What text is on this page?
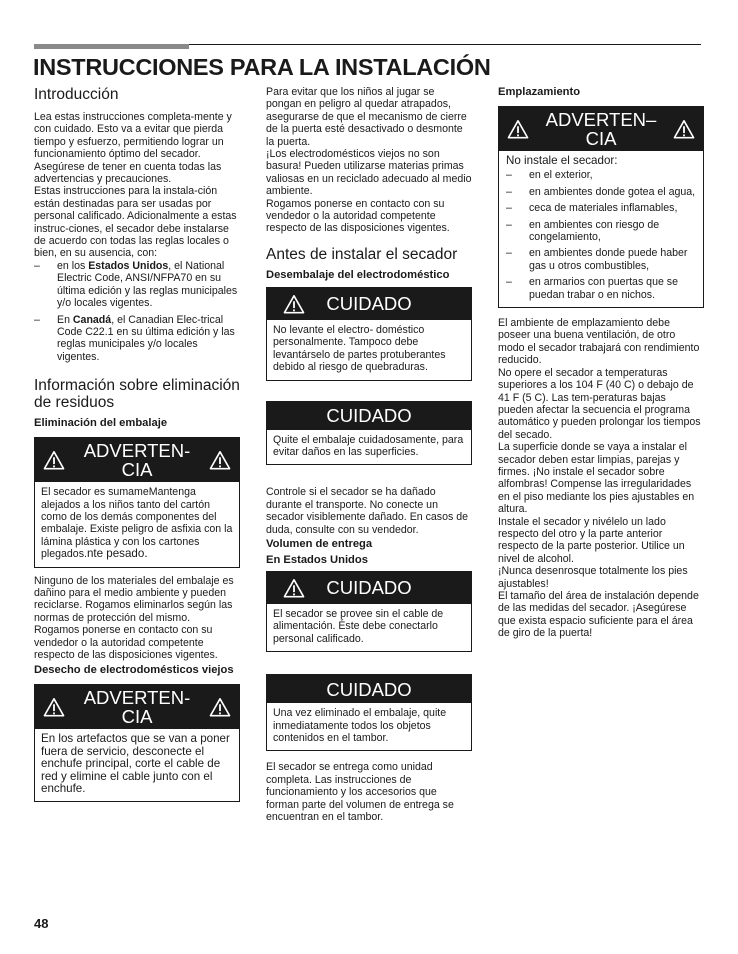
INSTRUCCIONES PARA LA INSTALACIÓN
Introducción

Lea estas instrucciones completa-mente y con cuidado. Esto va a evitar que pierda tiempo y esfuerzo, permitiendo lograr un funcionamiento óptimo del secador. Asegúrese de tener en cuenta todas las advertencias y precauciones.

Estas instrucciones para la instala-ción están destinadas para ser usadas por personal calificado. Adicionalmente a estas instruc-ciones, el secador debe instalarse de acuerdo con todas las reglas locales o bien, en su ausencia, con:

– en los Estados Unidos, el National Electric Code, ANSI/NFPA70 en su última edición y las reglas municipales y/o locales vigentes.
– En Canadá, el Canadian Elec-trical Code C22.1 en su última edición y las reglas municipales y/o locales vigentes.
Información sobre eliminación de residuos
Eliminación del embalaje
ADVERTEN-CIA

El secador es sumameMantenga alejados a los niños tanto del cartón como de los demás componentes del embalaje. Existe peligro de asfixia con la lámina plástica y con los cartones plegados.nte pesado.

Ninguno de los materiales del embalaje es dañino para el medio ambiente y pueden reciclarse. Rogamos eliminarlos según las normas de protección del mismo.

Rogamos ponerse en contacto con su vendedor o la autoridad competente respecto de las disposiciones vigentes.

Desecho de electrodomésticos viejos
ADVERTEN-CIA

En los artefactos que se van a poner fuera de servicio, desconecte el enchufe principal, corte el cable de red y elimine el cable junto con el enchufe.

Para evitar que los niños al jugar se pongan en peligro al quedar atrapados, asegurarse de que el mecanismo de cierre de la puerta esté desactivado o desmonte la puerta.

¡Los electrodomésticos viejos no son basura! Pueden utilizarse materias primas valiosas en un reciclado adecuado al medio ambiente.

Rogamos ponerse en contacto con su vendedor o la autoridad competente respecto de las disposiciones vigentes.

Antes de instalar el secador
Desembalaje del electrodoméstico
CUIDADO

No levante el electro- doméstico personalmente. Tampoco debe levantárselo de partes protuberantes debido al riesgo de quebraduras.

CUIDADO

Quite el embalaje cuidadosamente, para evitar daños en las superficies.

Controle si el secador se ha dañado durante el transporte. No conecte un secador visiblemente dañado. En casos de duda, consulte con su vendedor.

Volumen de entrega
En Estados Unidos
CUIDADO

El secador se provee sin el cable de alimentación. Éste debe conectarlo personal calificado.

CUIDADO

Una vez eliminado el embalaje, quite inmediatamente todos los objetos contenidos en el tambor.

El secador se entrega como unidad completa. Las instrucciones de funcionamiento y los accesorios que forman parte del volumen de entrega se encuentran en el tambor.

Emplazamiento
ADVERTEN–CIA

No instale el secador:

– en el exterior,
– en ambientes donde gotea el agua,
– ceca de materiales inflamables,
– en ambientes con riesgo de congelamiento,
– en ambientes donde puede haber gas u otros combustibles,
– en armarios con puertas que se puedan trabar o en nichos.

El ambiente de emplazamiento debe poseer una buena ventilación, de otro modo el secador trabajará con rendimiento reducido.

No opere el secador a temperaturas superiores a los 104 F (40 C) o debajo de 41 F (5 C). Las tem-peraturas bajas pueden afectar la secuencia el programa automático y pueden prolongar los tiempos del secado.

La superficie donde se vaya a instalar el secador deben estar limpias, parejas y firmes. ¡No instale el secador sobre alfombras! Compense las irregularidades en el piso mediante los pies ajustables en altura.

Instale el secador y nivélelo un lado respecto del otro y la parte anterior respecto de la parte posterior. Utilice un nivel de alcohol.

¡Nunca desenrosque totalmente los pies ajustables!

El tamaño del área de instalación depende de las medidas del secador. ¡Asegúrese que exista espacio suficiente para el área de giro de la puerta!

48
